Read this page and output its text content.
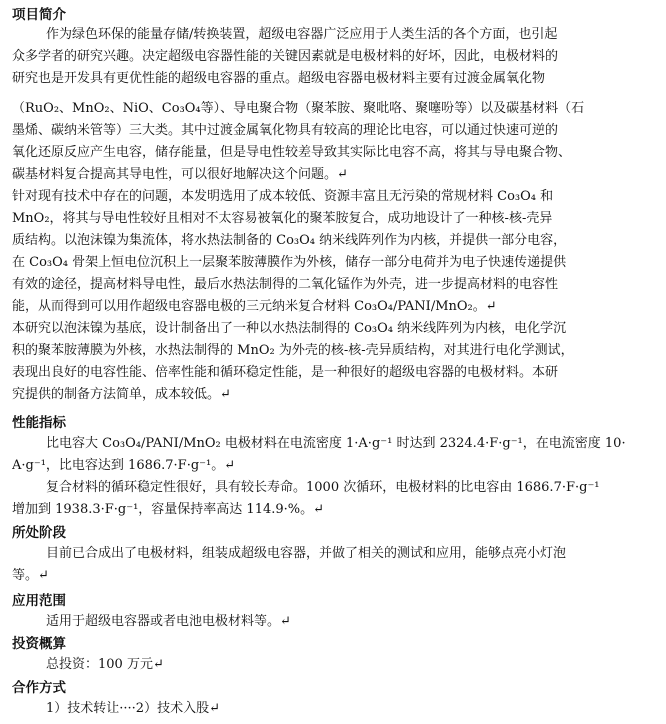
项目简介
作为绿色环保的能量存储/转换装置，超级电容器广泛应用于人类生活的各个方面，也引起
众多学者的研究兴趣。决定超级电容器性能的关键因素就是电极材料的好坏，因此，电极材料的
研究也是开发具有更优性能的超级电容器的重点。超级电容器电极材料主要有过渡金属氧化物
（RuO₂、MnO₂、NiO、Co₃O₄等）、导电聚合物（聚苯胺、聚吡咯、聚噻吩等）以及碳基材料（石
墨烯、碳纳米管等）三大类。其中过渡金属氧化物具有较高的理论比电容，可以通过快速可逆的
氧化还原反应产生电容，储存能量，但是导电性较差导致其实际比电容不高，将其与导电聚合物、
碳基材料复合提高其导电性，可以很好地解决这个问题。↵
针对现有技术中存在的问题，本发明选用了成本较低、资源丰富且无污染的常规材料 Co₃O₄ 和
MnO₂，将其与导电性较好且相对不太容易被氧化的聚苯胺复合，成功地设计了一种核-核-壳异
质结构。以泡沫镍为集流体，将水热法制备的 Co₃O₄ 纳米线阵列作为内核，并提供一部分电容，
在 Co₃O₄ 骨架上恒电位沉积上一层聚苯胺薄膜作为外核，储存一部分电荷并为电子快速传递提供
有效的途径，提高材料导电性，最后水热法制得的二氧化锰作为外壳，进一步提高材料的电容性
能，从而得到可以用作超级电容器电极的三元纳米复合材料 Co₃O₄/PANI/MnO₂。↵
本研究以泡沫镍为基底，设计制备出了一种以水热法制得的 Co₃O₄ 纳米线阵列为内核，电化学沉
积的聚苯胺薄膜为外核，水热法制得的 MnO₂ 为外壳的核-核-壳异质结构，对其进行电化学测试，
表现出良好的电容性能、倍率性能和循环稳定性能，是一种很好的超级电容器的电极材料。本研
究提供的制备方法简单，成本较低。↵
性能指标
比电容大 Co₃O₄/PANI/MnO₂ 电极材料在电流密度 1·A·g⁻¹ 时达到 2324.4·F·g⁻¹，在电流密度 10·
A·g⁻¹，比电容达到 1686.7·F·g⁻¹。↵
复合材料的循环稳定性很好，具有较长寿命。1000 次循环，电极材料的比电容由 1686.7·F·g⁻¹
增加到 1938.3·F·g⁻¹，容量保持率高达 114.9·%。↵
所处阶段
目前已合成出了电极材料，组装成超级电容器，并做了相关的测试和应用，能够点亮小灯泡
等。↵
应用范围
适用于超级电容器或者电池电极材料等。↵
投资概算
总投资：100 万元↵
合作方式
1）技术转让····2）技术入股↵
